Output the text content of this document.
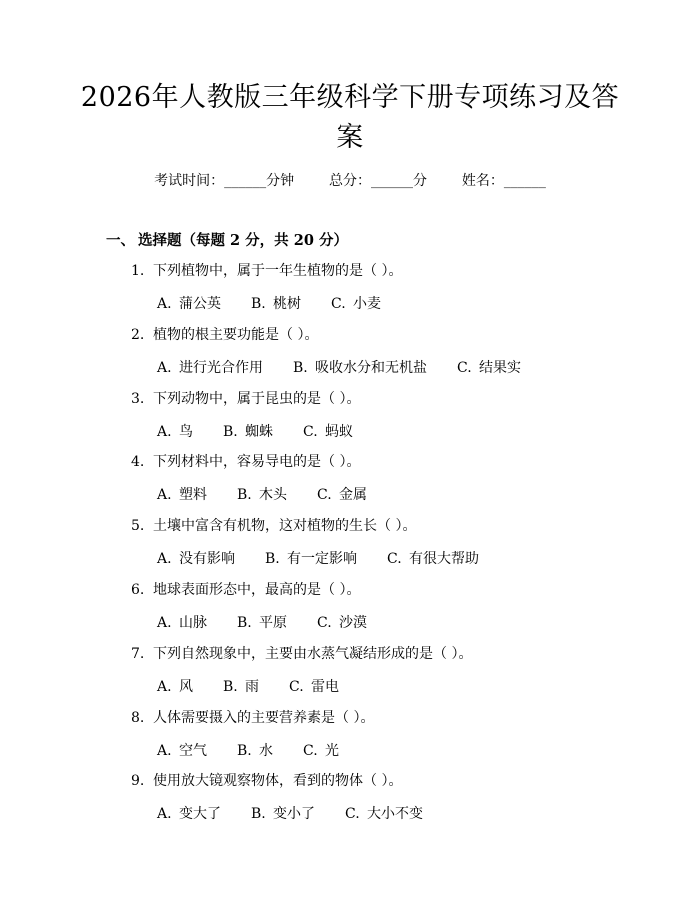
2026年人教版三年级科学下册专项练习及答案
考试时间：______分钟 总分：______分 姓名：______
一、 选择题（每题 2 分，共 20 分）
1. 下列植物中，属于一年生植物的是（ ）。
A. 蒲公英 B. 桃树 C. 小麦
2. 植物的根主要功能是（ ）。
A. 进行光合作用 B. 吸收水分和无机盐 C. 结果实
3. 下列动物中，属于昆虫的是（ ）。
A. 鸟 B. 蜘蛛 C. 蚂蚁
4. 下列材料中，容易导电的是（ ）。
A. 塑料 B. 木头 C. 金属
5. 土壤中富含有机物，这对植物的生长（ ）。
A. 没有影响 B. 有一定影响 C. 有很大帮助
6. 地球表面形态中，最高的是（ ）。
A. 山脉 B. 平原 C. 沙漠
7. 下列自然现象中，主要由水蒸气凝结形成的是（ ）。
A. 风 B. 雨 C. 雷电
8. 人体需要摄入的主要营养素是（ ）。
A. 空气 B. 水 C. 光
9. 使用放大镜观察物体，看到的物体（ ）。
A. 变大了 B. 变小了 C. 大小不变
